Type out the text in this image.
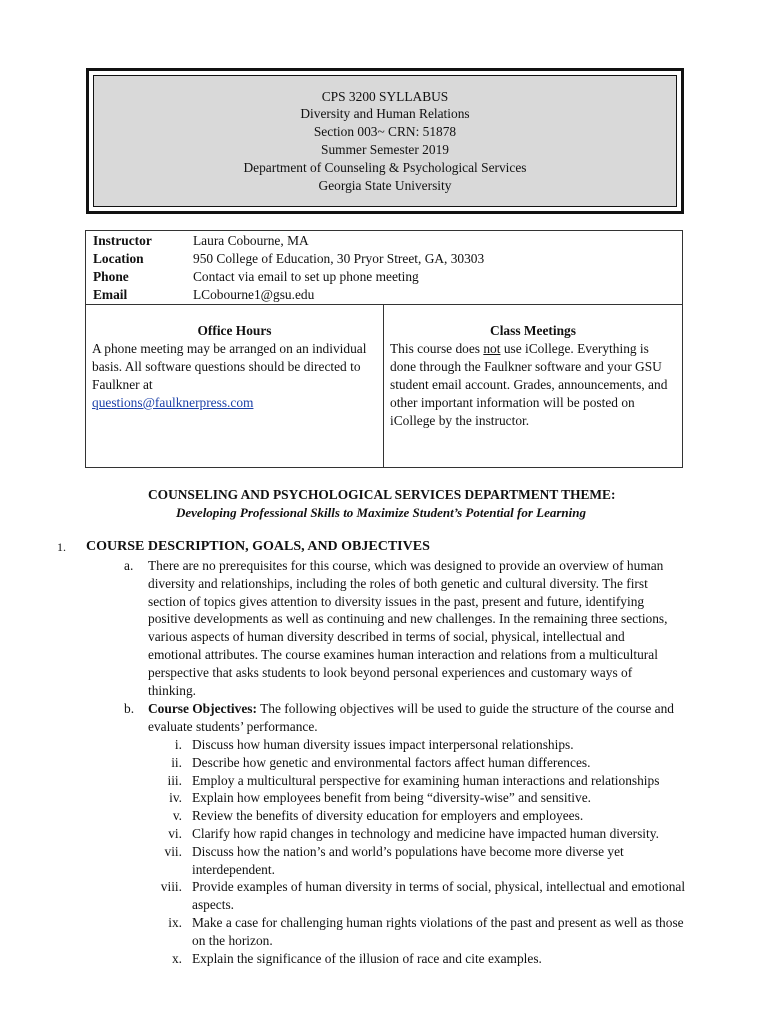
CPS 3200 SYLLABUS
Diversity and Human Relations
Section 003~ CRN: 51878
Summer Semester 2019
Department of Counseling & Psychological Services
Georgia State University
Instructor	Laura Cobourne, MA
Location	950 College of Education, 30 Pryor Street, GA, 30303
Phone	Contact via email to set up phone meeting
Email	LCobourne1@gsu.edu
Office Hours
A phone meeting may be arranged on an individual basis. All software questions should be directed to Faulkner at
questions@faulknerpress.com
Class Meetings
This course does not use iCollege. Everything is done through the Faulkner software and your GSU student email account. Grades, announcements, and other important information will be posted on iCollege by the instructor.
COUNSELING AND PSYCHOLOGICAL SERVICES DEPARTMENT THEME:
Developing Professional Skills to Maximize Student’s Potential for Learning
1. COURSE DESCRIPTION, GOALS, AND OBJECTIVES
a. There are no prerequisites for this course, which was designed to provide an overview of human diversity and relationships, including the roles of both genetic and cultural diversity. The first section of topics gives attention to diversity issues in the past, present and future, identifying positive developments as well as continuing and new challenges. In the remaining three sections, various aspects of human diversity described in terms of social, physical, intellectual and emotional attributes. The course examines human interaction and relations from a multicultural perspective that asks students to look beyond personal experiences and customary ways of thinking.
b. Course Objectives: The following objectives will be used to guide the structure of the course and evaluate students’ performance.
i. Discuss how human diversity issues impact interpersonal relationships.
ii. Describe how genetic and environmental factors affect human differences.
iii. Employ a multicultural perspective for examining human interactions and relationships
iv. Explain how employees benefit from being “diversity-wise” and sensitive.
v. Review the benefits of diversity education for employers and employees.
vi. Clarify how rapid changes in technology and medicine have impacted human diversity.
vii. Discuss how the nation’s and world’s populations have become more diverse yet interdependent.
viii. Provide examples of human diversity in terms of social, physical, intellectual and emotional aspects.
ix. Make a case for challenging human rights violations of the past and present as well as those on the horizon.
x. Explain the significance of the illusion of race and cite examples.
